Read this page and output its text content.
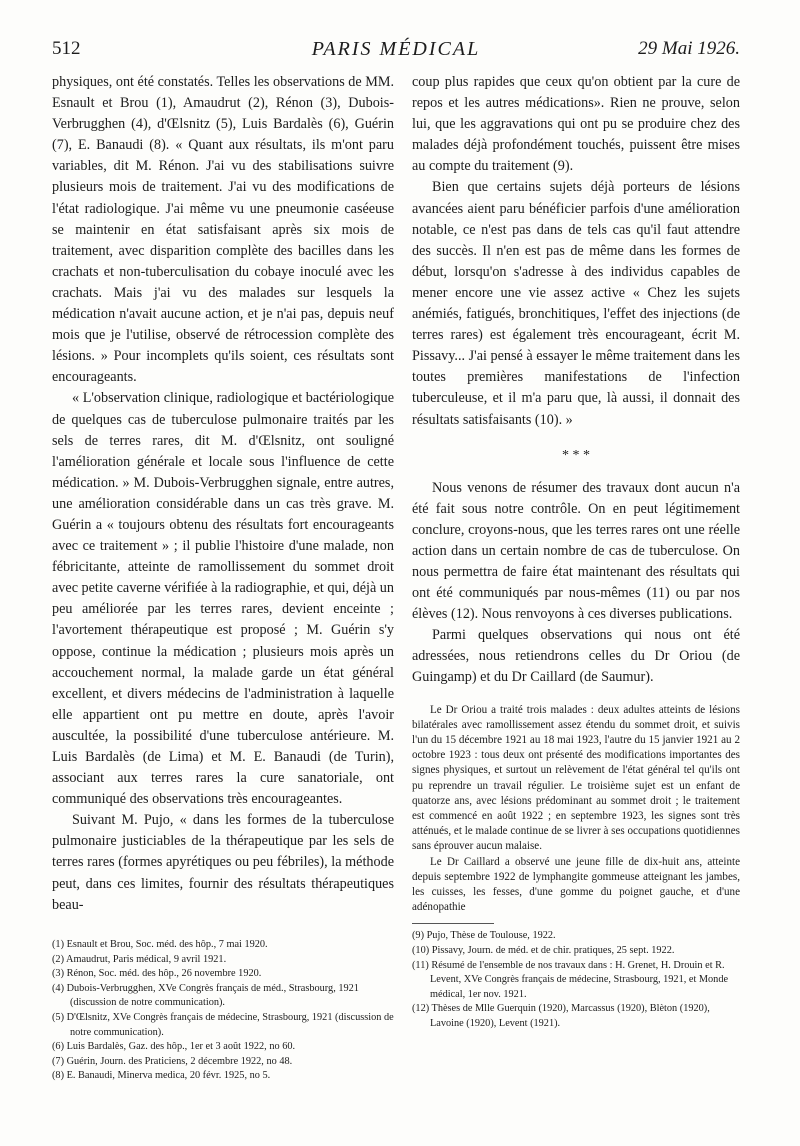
512	PARIS MÉDICAL	29 Mai 1926.

physiques, ont été constatés. Telles les observations de MM. Esnault et Brou (1), Amaudrut (2), Rénon (3), Dubois-Verbrugghen (4), d'Œlsnitz (5), Luis Bardalès (6), Guérin (7), E. Banaudi (8). « Quant aux résultats, ils m'ont paru variables, dit M. Rénon. J'ai vu des stabilisations suivre plusieurs mois de traitement. J'ai vu des modifications de l'état radiologique. J'ai même vu une pneumonie caséeuse se maintenir en état satisfaisant après six mois de traitement, avec disparition complète des bacilles dans les crachats et non-tuberculisation du cobaye inoculé avec les crachats. Mais j'ai vu des malades sur lesquels la médication n'avait aucune action, et je n'ai pas, depuis neuf mois que je l'utilise, observé de rétrocession complète des lésions. » Pour incomplets qu'ils soient, ces résultats sont encourageants.

« L'observation clinique, radiologique et bactériologique de quelques cas de tuberculose pulmonaire traités par les sels de terres rares, dit M. d'Œlsnitz, ont souligné l'amélioration générale et locale sous l'influence de cette médication. » M. Dubois-Verbrugghen signale, entre autres, une amélioration considérable dans un cas très grave. M. Guérin a « toujours obtenu des résultats fort encourageants avec ce traitement » ; il publie l'histoire d'une malade, non fébricitante, atteinte de ramollissement du sommet droit avec petite caverne vérifiée à la radiographie, et qui, déjà un peu améliorée par les terres rares, devient enceinte ; l'avortement thérapeutique est proposé ; M. Guérin s'y oppose, continue la médication ; plusieurs mois après un accouchement normal, la malade garde un état général excellent, et divers médecins de l'administration à laquelle elle appartient ont pu mettre en doute, après l'avoir auscultée, la possibilité d'une tuberculose antérieure. M. Luis Bardalès (de Lima) et M. E. Banaudi (de Turin), associant aux terres rares la cure sanatoriale, ont communiqué des observations très encourageantes.

Suivant M. Pujo, « dans les formes de la tuberculose pulmonaire justiciables de la thérapeutique par les sels de terres rares (formes apyrétiques ou peu fébriles), la méthode peut, dans ces limites, fournir des résultats thérapeutiques beau-

(1) Esnault et Brou, Soc. méd. des hôp., 7 mai 1920.
(2) Amaudrut, Paris médical, 9 avril 1921.
(3) Rénon, Soc. méd. des hôp., 26 novembre 1920.
(4) Dubois-Verbrugghen, XVe Congrès français de méd., Strasbourg, 1921 (discussion de notre communication).
(5) D'Œlsnitz, XVe Congrès français de médecine, Strasbourg, 1921 (discussion de notre communication).
(6) Luis Bardalès, Gaz. des hôp., 1er et 3 août 1922, no 60.
(7) Guérin, Journ. des Praticiens, 2 décembre 1922, no 48.
(8) E. Banaudi, Minerva medica, 20 févr. 1925, no 5.

coup plus rapides que ceux qu'on obtient par la cure de repos et les autres médications». Rien ne prouve, selon lui, que les aggravations qui ont pu se produire chez des malades déjà profondément touchés, puissent être mises au compte du traitement (9).

Bien que certains sujets déjà porteurs de lésions avancées aient paru bénéficier parfois d'une amélioration notable, ce n'est pas dans de tels cas qu'il faut attendre des succès. Il n'en est pas de même dans les formes de début, lorsqu'on s'adresse à des individus capables de mener encore une vie assez active « Chez les sujets anémiés, fatigués, bronchitiques, l'effet des injections (de terres rares) est également très encourageant, écrit M. Pissavy... J'ai pensé à essayer le même traitement dans les toutes premières manifestations de l'infection tuberculeuse, et il m'a paru que, là aussi, il donnait des résultats satisfaisants (10). »

* * *

Nous venons de résumer des travaux dont aucun n'a été fait sous notre contrôle. On en peut légitimement conclure, croyons-nous, que les terres rares ont une réelle action dans un certain nombre de cas de tuberculose. On nous permettra de faire état maintenant des résultats qui ont été communiqués par nous-mêmes (11) ou par nos élèves (12). Nous renvoyons à ces diverses publications.

Parmi quelques observations qui nous ont été adressées, nous retiendrons celles du Dr Oriou (de Guingamp) et du Dr Caillard (de Saumur).

Le Dr Oriou a traité trois malades : deux adultes atteints de lésions bilatérales avec ramollissement assez étendu du sommet droit, et suivis l'un du 15 décembre 1921 au 18 mai 1923, l'autre du 15 janvier 1921 au 2 octobre 1923 : tous deux ont présenté des modifications importantes des signes physiques, et surtout un relèvement de l'état général tel qu'ils ont pu reprendre un travail régulier. Le troisième sujet est un enfant de quatorze ans, avec lésions prédominant au sommet droit ; le traitement est commencé en août 1922 ; en septembre 1923, les signes sont très atténués, et le malade continue de se livrer à ses occupations quotidiennes sans éprouver aucun malaise.

Le Dr Caillard a observé une jeune fille de dix-huit ans, atteinte depuis septembre 1922 de lymphangite gommeuse atteignant les jambes, les cuisses, les fesses, d'une gomme du poignet gauche, et d'une adénopathie

(9) Pujo, Thèse de Toulouse, 1922.
(10) Pissavy, Journ. de méd. et de chir. pratiques, 25 sept. 1922.
(11) Résumé de l'ensemble de nos travaux dans : H. Grenet, H. Drouin et R. Levent, XVe Congrès français de médecine, Strasbourg, 1921, et Monde médical, 1er nov. 1921.
(12) Thèses de Mlle Guerquin (1920), Marcassus (1920), Blèton (1920), Lavoine (1920), Levent (1921).
